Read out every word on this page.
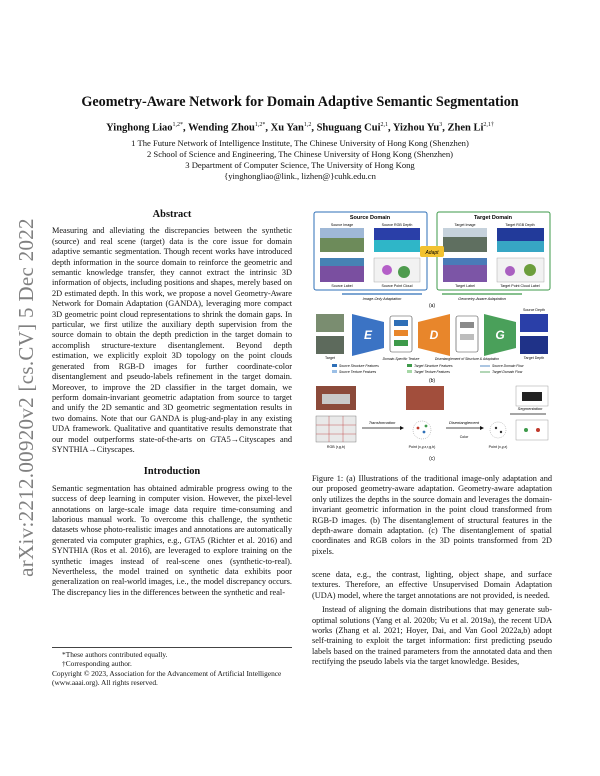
arXiv:2212.00920v2 [cs.CV] 5 Dec 2022
Geometry-Aware Network for Domain Adaptive Semantic Segmentation
Yinghong Liao$^{1,2*}$, Wending Zhou$^{1,2*}$, Xu Yan$^{1,2}$, Shuguang Cui$^{2,1}$, Yizhou Yu$^3$, Zhen $Li^{2,1\dagger}$
1 The Future Network of Intelligence Institute, The Chinese University of Hong Kong (Shenzhen)
2 School of Science and Engineering, The Chinese University of Hong Kong (Shenzhen)
3 Department of Computer Science, The University of Hong Kong
{yinghongliao@link., lizhen@}cuhk.edu.cn
Abstract

Measuring and alleviating the discrepancies between the synthetic (source) and real scene (target) data is the core issue for domain adaptive semantic segmentation. Though recent works have introduced depth information in the source domain to reinforce the geometric and semantic knowledge transfer, they cannot extract the intrinsic 3D information of objects, including positions and shapes, merely based on 2D estimated depth. In this work, we propose a novel Geometry-Aware Network for Domain Adaptation (GANDA), leveraging more compact 3D geometric point cloud representations to shrink the domain gaps. In particular, we first utilize the auxiliary depth supervision from the source domain to obtain the depth prediction in the target domain to accomplish structure-texture disentanglement. Beyond depth estimation, we explicitly exploit 3D topology on the point clouds generated from RGB-D images for further coordinate-color disentanglement and pseudo-labels refinement in the target domain. Moreover, to improve the 2D classifier in the target domain, we perform domain-invariant geometric adaptation from source to target and unify the 2D semantic and 3D geometric segmentation results in two domains. Note that our GANDA is plug-and-play in any existing UDA framework. Qualitative and quantitative results demonstrate that our model outperforms state-of-the-arts on GTA5→Cityscapes and SYNTHIA→Cityscapes.

Introduction

Semantic segmentation has obtained admirable progress owing to the success of deep learning in computer vision. However, the pixel-level annotations on large-scale image data require time-consuming and laborious manual work. To overcome this challenge, the synthetic datasets whose photo-realistic images and annotations are automatically generated via computer graphics, e.g., GTA5 (Richter et al. 2016) and SYNTHIA (Ros et al. 2016), are leveraged to explore training on the synthetic images instead of real-scene ones (synthetic-to-real). Nevertheless, the model trained on synthetic data exhibits poor generalization on real-world images, i.e., the model discrepancy occurs. The discrepancy lies in the differences between the synthetic and real-

*These authors contributed equally.
†Corresponding author.
Copyright © 2023, Association for the Advancement of Artificial Intelligence (www.aaai.org). All rights reserved.
Source Domain	Target Domain
Source Image	Source RGB Depth	Target Image	Target RGB Depth
Source Label	Source Point Cloud	Target Label	Target Point Cloud Label
Adapt
Image-Only Adaptation	Geometry-Aware Adaptation
(a)
Target
E
Domain-Specific Texture
D
Disentanglement of Structure & Adaptation
G
Source Depth
Target Depth
Source Structure Features
Source Texture Features
Target Structure Features
Target Texture Features
Source Domain Flow
Target Domain Flow
(b)
RGB (r,g,b)
Transformation
Point (x,y,z,r,g,b)
Disentanglement
Color
Point (x,y,z)
Segmentation
(c)
Figure 1: (a) Illustrations of the traditional image-only adaptation and our proposed geometry-aware adaptation. Geometry-aware adaptation only utilizes the depths in the source domain and leverages the domain-invariant geometric information in the point cloud transformed from RGB-D images. (b) The disentanglement of structural features in the depth-aware domain adaptation. (c) The disentanglement of spatial coordinates and RGB colors in the 3D points transformed from 2D pixels.

scene data, e.g., the contrast, lighting, object shape, and surface textures. Therefore, an effective Unsupervised Domain Adaptation (UDA) model, where the target annotations are not provided, is needed.

Instead of aligning the domain distributions that may generate sub-optimal solutions (Yang et al. 2020b; Vu et al. 2019a), the recent UDA works (Zhang et al. 2021; Hoyer, Dai, and Van Gool 2022a,b) adopt self-training to exploit the target information: first predicting pseudo labels based on the trained parameters from the annotated data and then rectifying the pseudo labels via the target knowledge. Besides,
